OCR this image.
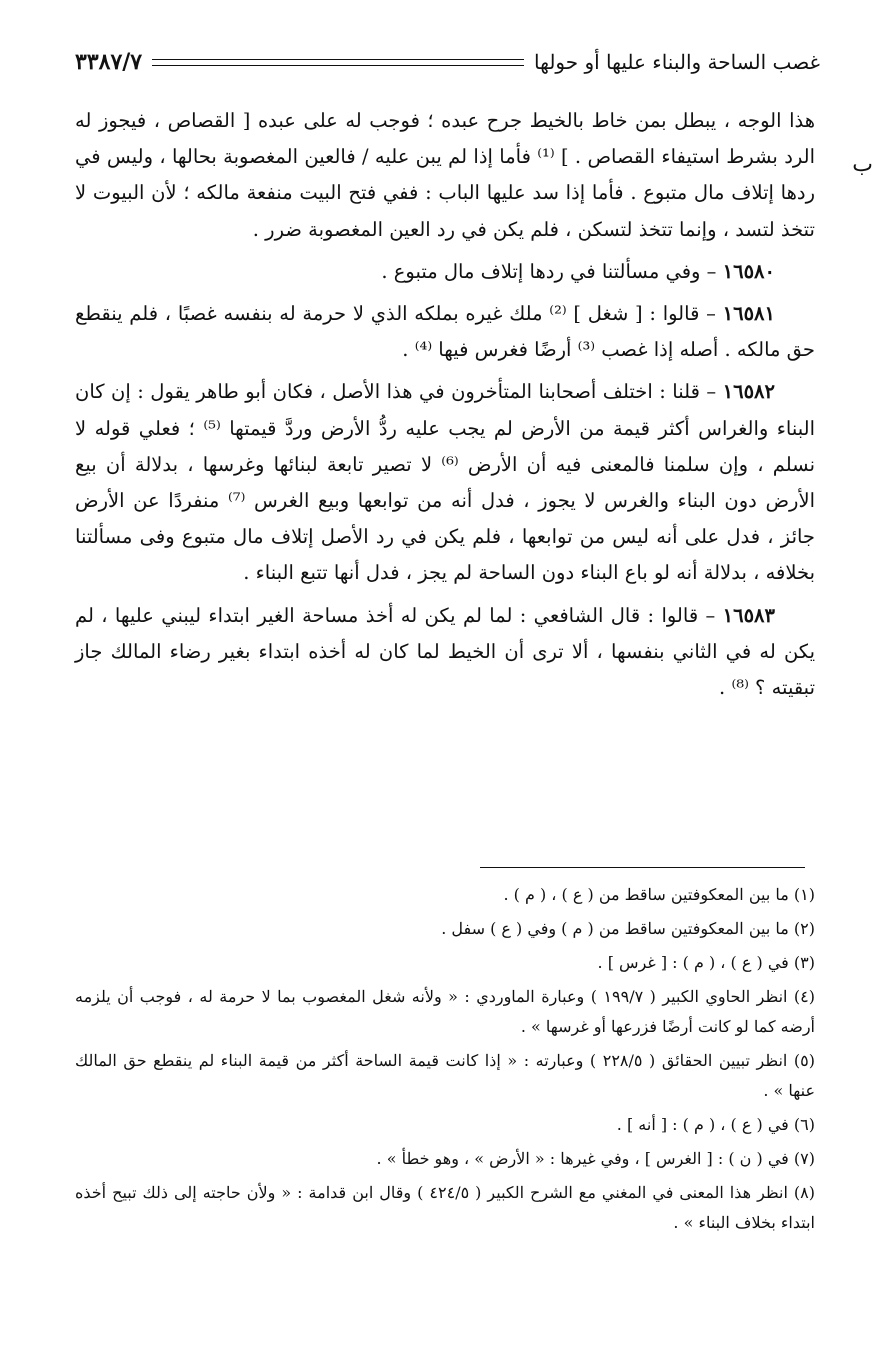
غصب الساحة والبناء عليها أو حولها
٣٣٨٧/٧
ب

هذا الوجه ، يبطل بمن خاط بالخيط جرح عبده ؛ فوجب له على عبده [ القصاص ، فيجوز له الرد بشرط استيفاء القصاص . ] ⁽¹⁾ فأما إذا لم يبن عليه / فالعين المغصوبة بحالها ، وليس في ردها إتلاف مال متبوع . فأما إذا سد عليها الباب : ففي فتح البيت منفعة مالكه ؛ لأن البيوت لا تتخذ لتسد ، وإنما تتخذ لتسكن ، فلم يكن في رد العين المغصوبة ضرر .

١٦٥٨٠ – وفي مسألتنا في ردها إتلاف مال متبوع .

١٦٥٨١ – قالوا : [ شغل ] ⁽²⁾ ملك غيره بملكه الذي لا حرمة له بنفسه غصبًا ، فلم ينقطع حق مالكه . أصله إذا غصب ⁽³⁾ أرضًا فغرس فيها ⁽⁴⁾ .

١٦٥٨٢ – قلنا : اختلف أصحابنا المتأخرون في هذا الأصل ، فكان أبو طاهر يقول : إن كان البناء والغراس أكثر قيمة من الأرض لم يجب عليه ردُّ الأرض وردَّ قيمتها ⁽⁵⁾ ؛ فعلي قوله لا نسلم ، وإن سلمنا فالمعنى فيه أن الأرض ⁽⁶⁾ لا تصير تابعة لبنائها وغرسها ، بدلالة أن بيع الأرض دون البناء والغرس لا يجوز ، فدل أنه من توابعها وبيع الغرس ⁽⁷⁾ منفردًا عن الأرض جائز ، فدل على أنه ليس من توابعها ، فلم يكن في رد الأصل إتلاف مال متبوع وفى مسألتنا بخلافه ، بدلالة أنه لو باع البناء دون الساحة لم يجز ، فدل أنها تتبع البناء .

١٦٥٨٣ – قالوا : قال الشافعي : لما لم يكن له أخذ مساحة الغير ابتداء ليبني عليها ، لم يكن له في الثاني بنفسها ، ألا ترى أن الخيط لما كان له أخذه ابتداء بغير رضاء المالك جاز تبقيته ؟ ⁽⁸⁾ .

(١) ما بين المعكوفتين ساقط من ( ع ) ، ( م ) .

(٢) ما بين المعكوفتين ساقط من ( م ) وفي ( ع ) سفل .

(٣) في ( ع ) ، ( م ) : [ غرس ] .

(٤) انظر الحاوي الكبير ( ١٩٩/٧ ) وعبارة الماوردي : « ولأنه شغل المغصوب بما لا حرمة له ، فوجب أن يلزمه أرضه كما لو كانت أرضًا فزرعها أو غرسها » .

(٥) انظر تبيين الحقائق ( ٢٢٨/٥ ) وعبارته : « إذا كانت قيمة الساحة أكثر من قيمة البناء لم ينقطع حق المالك عنها » .

(٦) في ( ع ) ، ( م ) : [ أنه ] .

(٧) في ( ن ) : [ الغرس ] ، وفي غيرها : « الأرض » ، وهو خطأ » .

(٨) انظر هذا المعنى في المغني مع الشرح الكبير ( ٤٢٤/٥ ) وقال ابن قدامة : « ولأن حاجته إلى ذلك تبيح أخذه ابتداء بخلاف البناء » .
